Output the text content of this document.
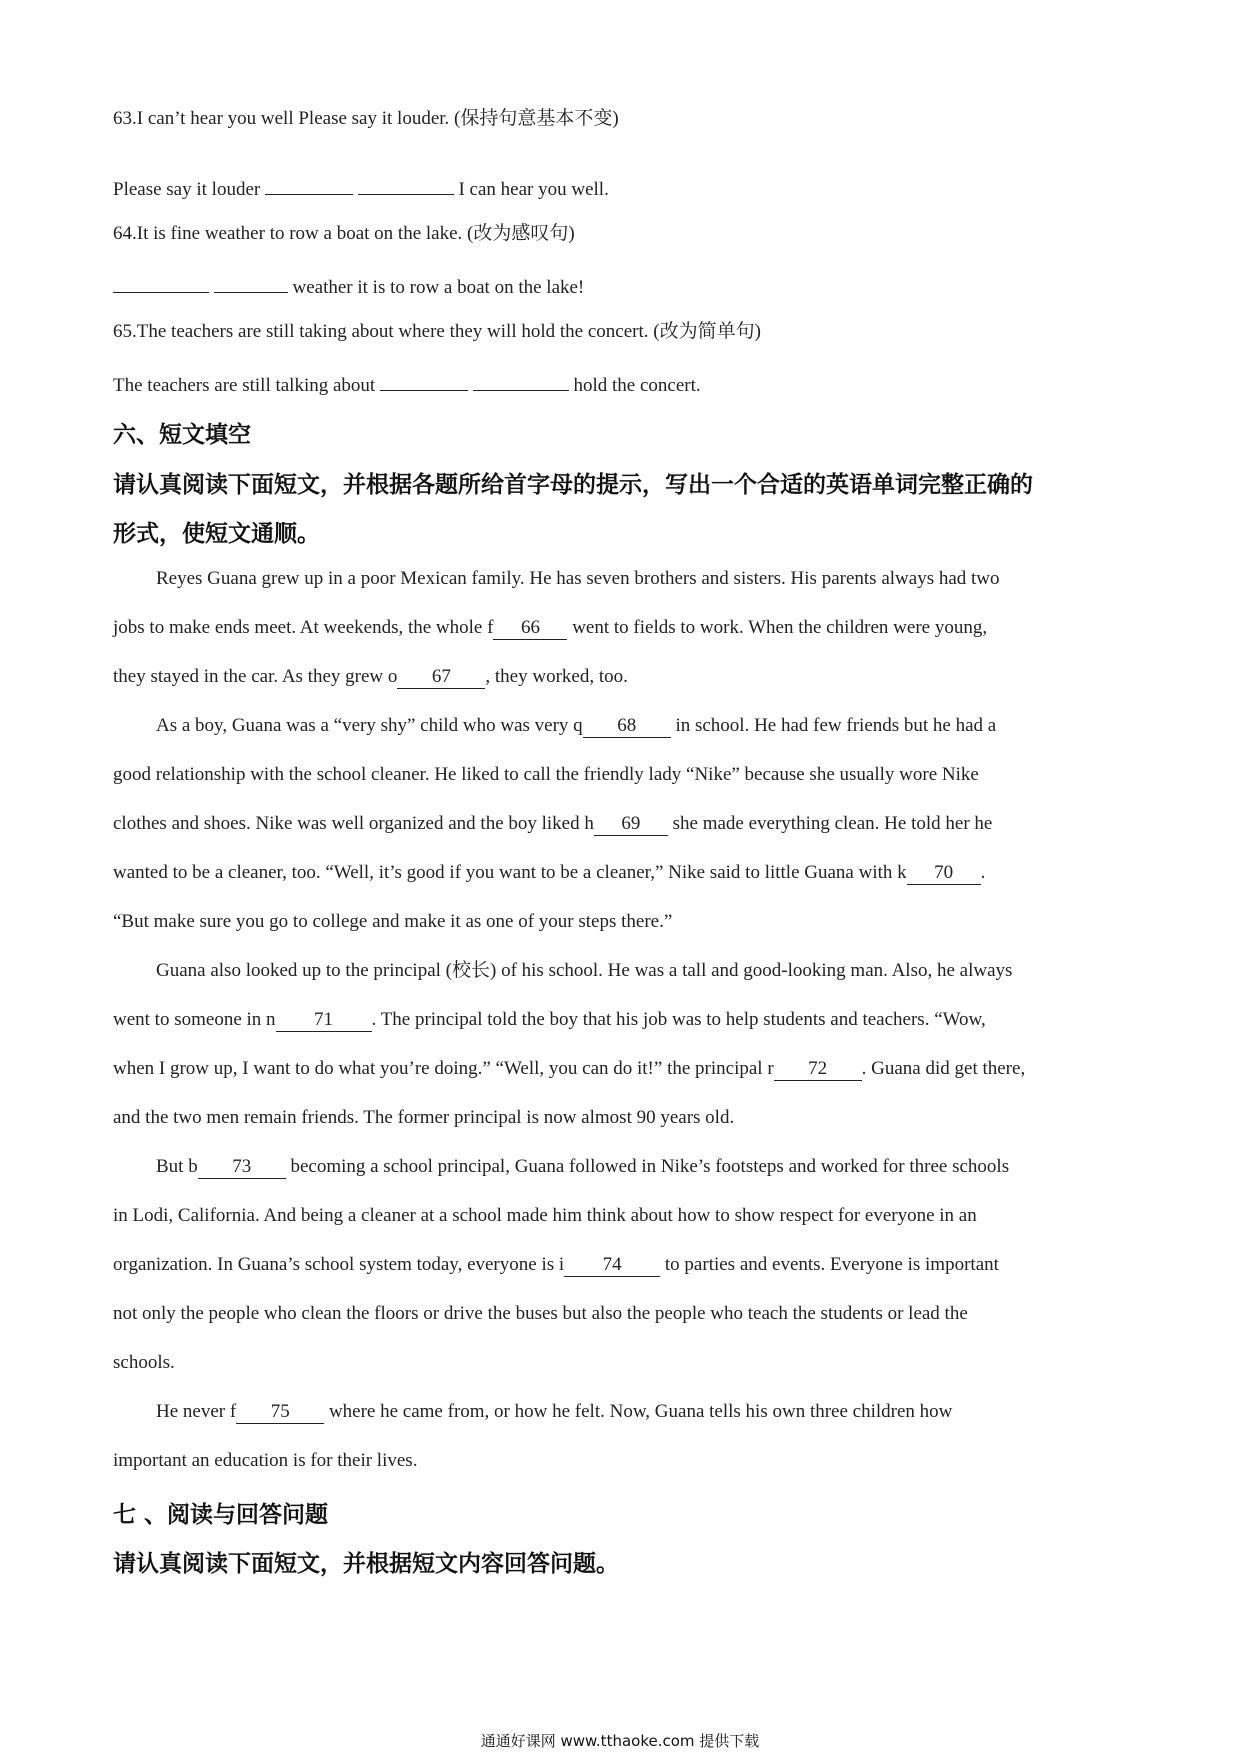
63.I can’t hear you well Please say it louder. (保持句意基本不变)
Please say it louder	I can hear you well.
64.It is fine weather to row a boat on the lake. (改为感叹句)
weather it is to row a boat on the lake!
65.The teachers are still taking about where they will hold the concert. (改为简单句)
The teachers are still talking about	hold the concert.
六、短文填空
请认真阅读下面短文，并根据各题所给首字母的提示，写出一个合适的英语单词完整正确的
形式，使短文通顺。
Reyes Guana grew up in a poor Mexican family. He has seven brothers and sisters. His parents always had two
jobs to make ends meet. At weekends, the whole f 66 went to fields to work. When the children were young,
they stayed in the car. As they grew o 67 , they worked, too.
As a boy, Guana was a “very shy” child who was very q 68 in school. He had few friends but he had a
good relationship with the school cleaner. He liked to call the friendly lady “Nike” because she usually wore Nike
clothes and shoes. Nike was well organized and the boy liked h 69 she made everything clean. He told her he
wanted to be a cleaner, too. “Well, it’s good if you want to be a cleaner,” Nike said to little Guana with k 70 .
“But make sure you go to college and make it as one of your steps there.”
Guana also looked up to the principal (校长) of his school. He was a tall and good-looking man. Also, he always
went to someone in n 71 . The principal told the boy that his job was to help students and teachers. “Wow,
when I grow up, I want to do what you’re doing.” “Well, you can do it!” the principal r 72 . Guana did get there,
and the two men remain friends. The former principal is now almost 90 years old.
But b 73 becoming a school principal, Guana followed in Nike’s footsteps and worked for three schools
in Lodi, California. And being a cleaner at a school made him think about how to show respect for everyone in an
organization. In Guana’s school system today, everyone is i 74 to parties and events. Everyone is important
not only the people who clean the floors or drive the buses but also the people who teach the students or lead the
schools.
He never f 75 where he came from, or how he felt. Now, Guana tells his own three children how
important an education is for their lives.
七 、阅读与回答问题
请认真阅读下面短文，并根据短文内容回答问题。
通通好课网 www.tthaoke.com 提供下载
